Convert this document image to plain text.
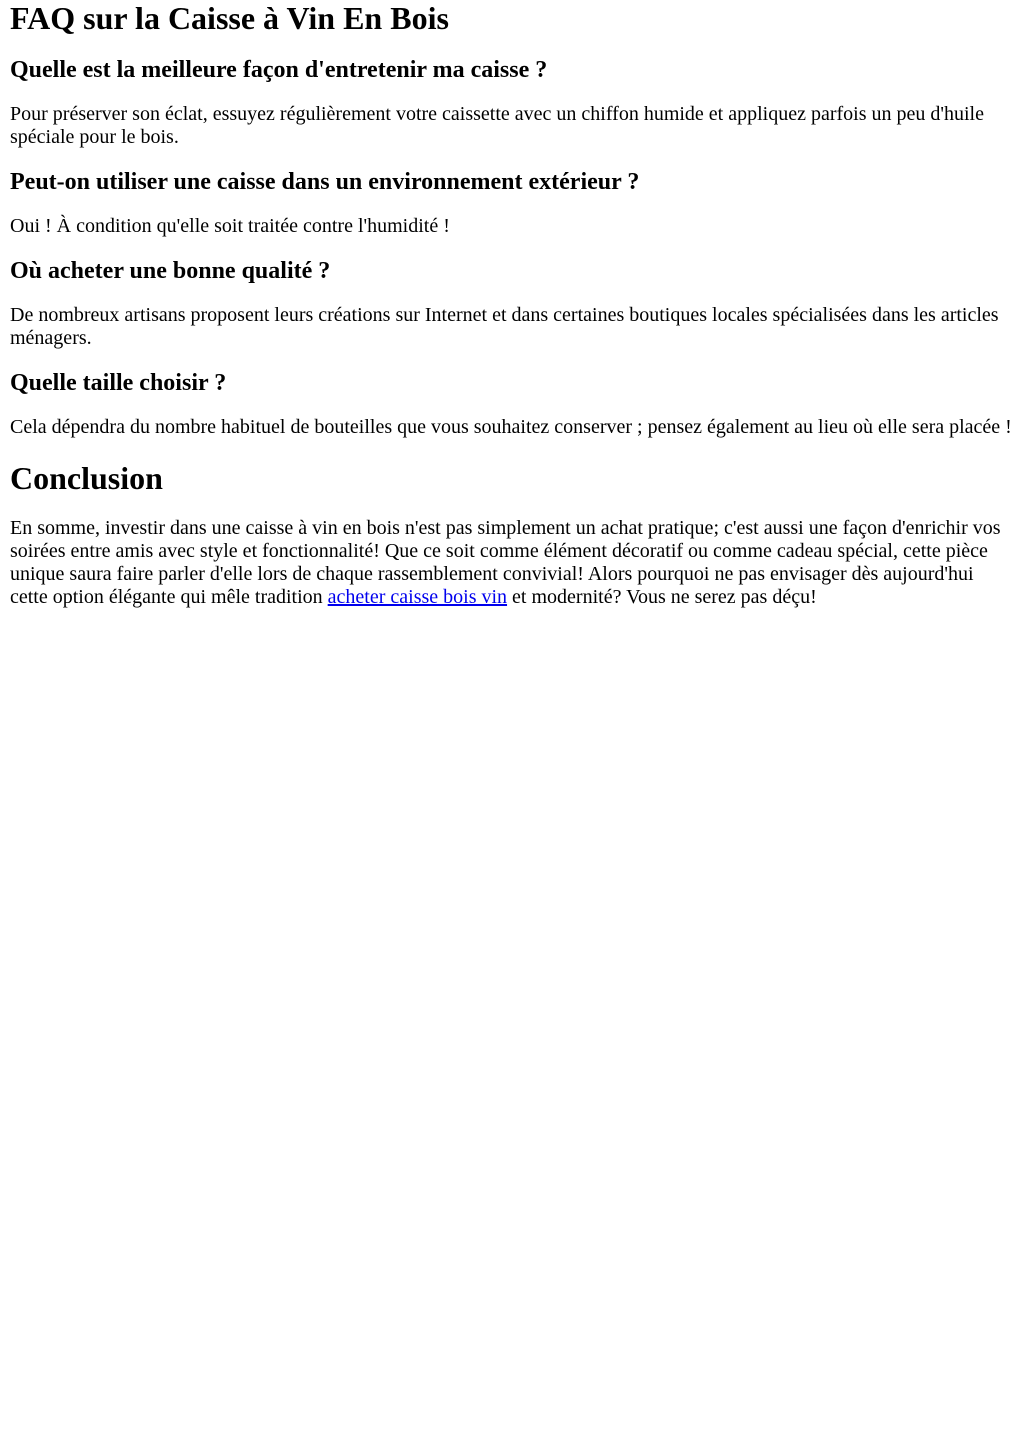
FAQ sur la Caisse à Vin En Bois
Quelle est la meilleure façon d'entretenir ma caisse ?

Pour préserver son éclat, essuyez régulièrement votre caissette avec un chiffon humide et appliquez parfois un peu d'huile spéciale pour le bois.

Peut-on utiliser une caisse dans un environnement extérieur ?

Oui ! À condition qu'elle soit traitée contre l'humidité !

Où acheter une bonne qualité ?

De nombreux artisans proposent leurs créations sur Internet et dans certaines boutiques locales spécialisées dans les articles ménagers.

Quelle taille choisir ?

Cela dépendra du nombre habituel de bouteilles que vous souhaitez conserver ; pensez également au lieu où elle sera placée !

Conclusion

En somme, investir dans une caisse à vin en bois n'est pas simplement un achat pratique; c'est aussi une façon d'enrichir vos soirées entre amis avec style et fonctionnalité! Que ce soit comme élément décoratif ou comme cadeau spécial, cette pièce unique saura faire parler d'elle lors de chaque rassemblement convivial! Alors pourquoi ne pas envisager dès aujourd'hui cette option élégante qui mêle tradition acheter caisse bois vin et modernité? Vous ne serez pas déçu!
